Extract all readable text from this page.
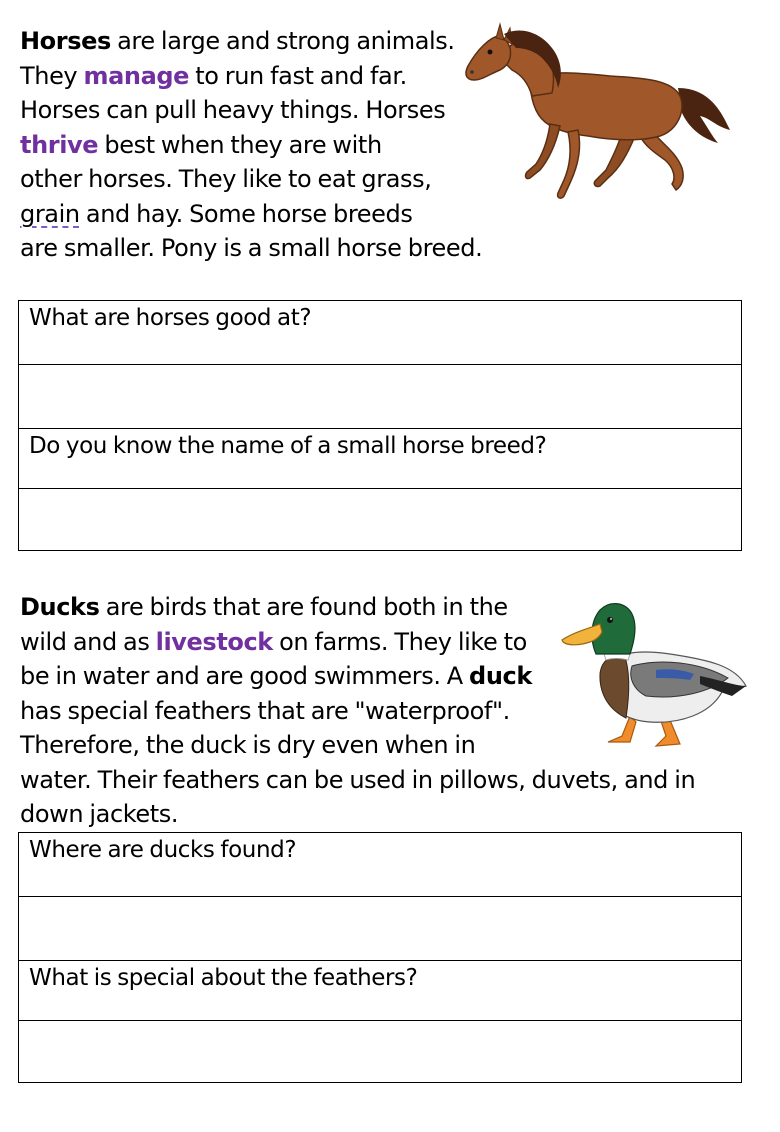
Horses are large and strong animals.
They manage to run fast and far.
Horses can pull heavy things. Horses
thrive best when they are with
other horses. They like to eat grass,
grain and hay. Some horse breeds
are smaller. Pony is a small horse breed.

What are horses good at?

Do you know the name of a small horse breed?

Ducks are birds that are found both in the
wild and as livestock on farms. They like to
be in water and are good swimmers. A duck
has special feathers that are "waterproof".
Therefore, the duck is dry even when in
water. Their feathers can be used in pillows, duvets, and in
down jackets.

Where are ducks found?

What is special about the feathers?
